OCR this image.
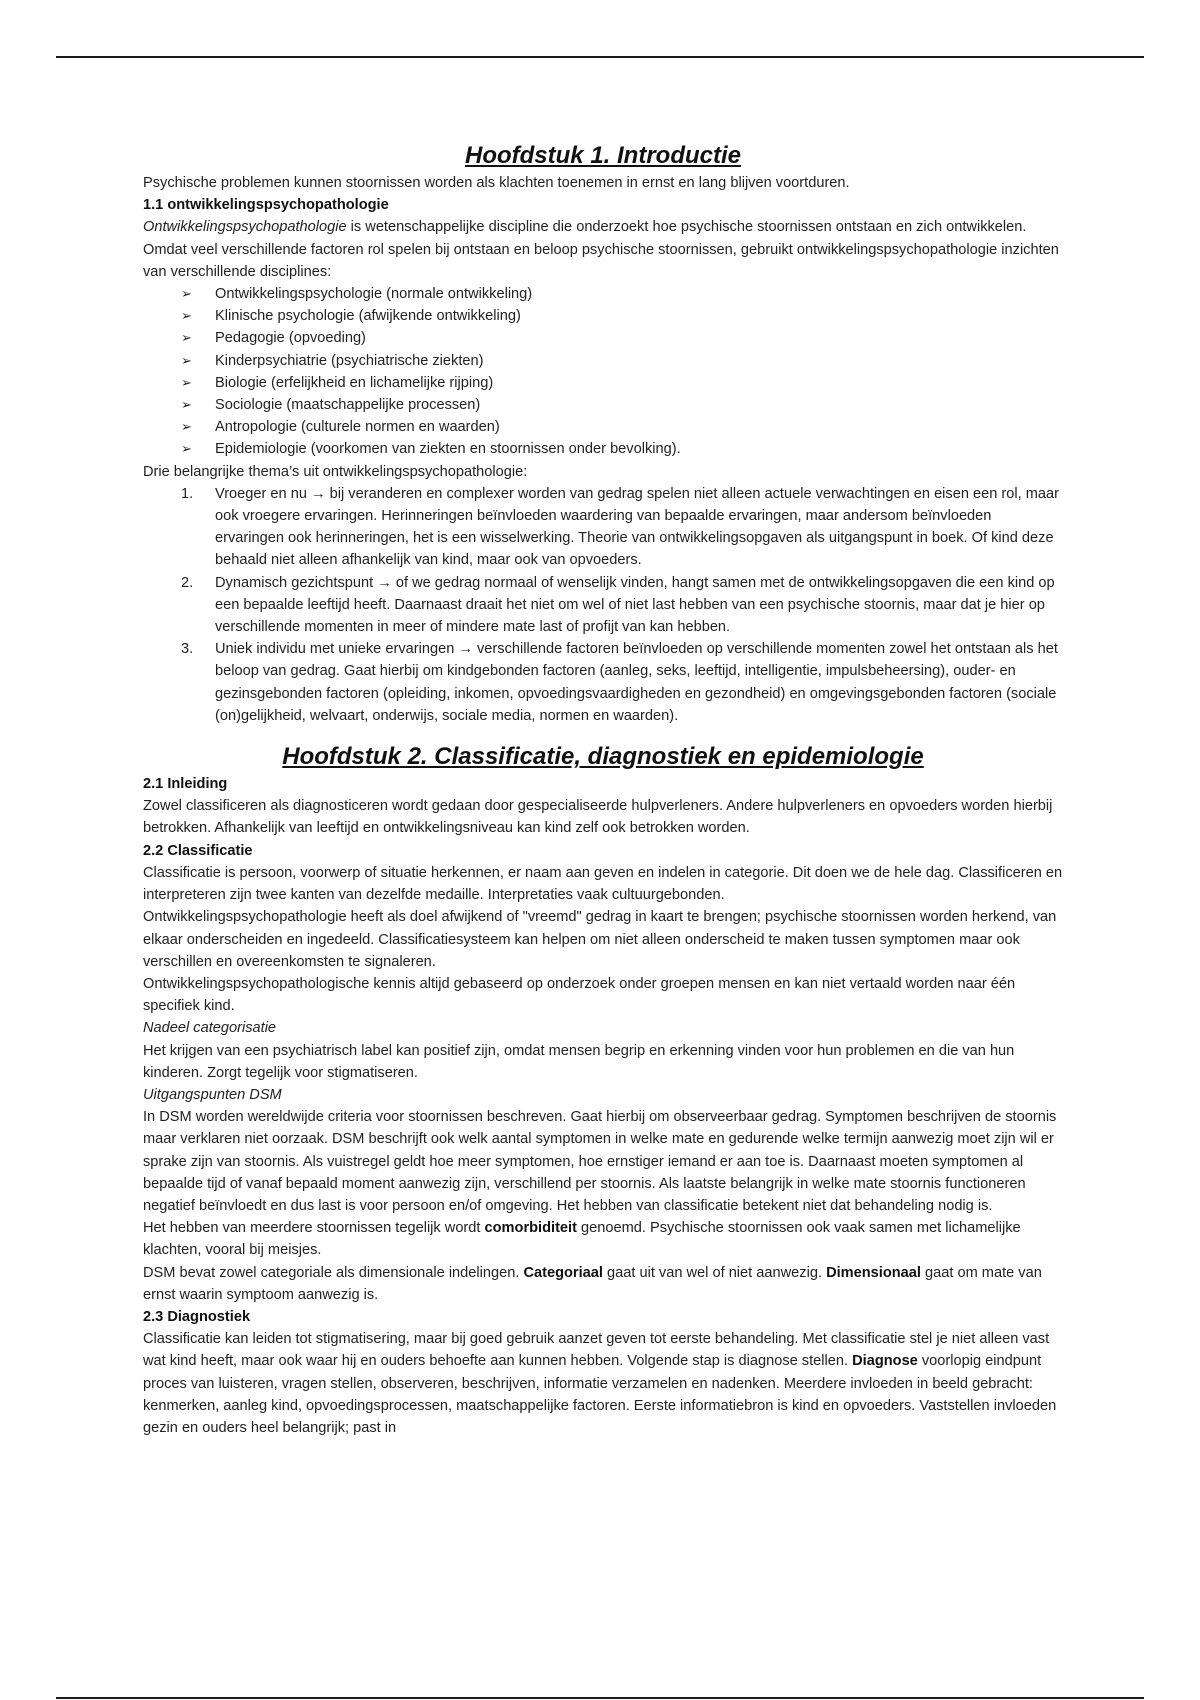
Hoofdstuk 1. Introductie

Psychische problemen kunnen stoornissen worden als klachten toenemen in ernst en lang blijven voortduren.

1.1 ontwikkelingspsychopathologie

Ontwikkelingspsychopathologie is wetenschappelijke discipline die onderzoekt hoe psychische stoornissen ontstaan en zich ontwikkelen. Omdat veel verschillende factoren rol spelen bij ontstaan en beloop psychische stoornissen, gebruikt ontwikkelingspsychopathologie inzichten van verschillende disciplines:

➢ Ontwikkelingspsychologie (normale ontwikkeling)
➢ Klinische psychologie (afwijkende ontwikkeling)
➢ Pedagogie (opvoeding)
➢ Kinderpsychiatrie (psychiatrische ziekten)
➢ Biologie (erfelijkheid en lichamelijke rijping)
➢ Sociologie (maatschappelijke processen)
➢ Antropologie (culturele normen en waarden)
➢ Epidemiologie (voorkomen van ziekten en stoornissen onder bevolking).

Drie belangrijke thema’s uit ontwikkelingspsychopathologie:

1. Vroeger en nu → bij veranderen en complexer worden van gedrag spelen niet alleen actuele verwachtingen en eisen een rol, maar ook vroegere ervaringen. Herinneringen beïnvloeden waardering van bepaalde ervaringen, maar andersom beïnvloeden ervaringen ook herinneringen, het is een wisselwerking. Theorie van ontwikkelingsopgaven als uitgangspunt in boek. Of kind deze behaald niet alleen afhankelijk van kind, maar ook van opvoeders.
2. Dynamisch gezichtspunt → of we gedrag normaal of wenselijk vinden, hangt samen met de ontwikkelingsopgaven die een kind op een bepaalde leeftijd heeft. Daarnaast draait het niet om wel of niet last hebben van een psychische stoornis, maar dat je hier op verschillende momenten in meer of mindere mate last of profijt van kan hebben.
3. Uniek individu met unieke ervaringen → verschillende factoren beïnvloeden op verschillende momenten zowel het ontstaan als het beloop van gedrag. Gaat hierbij om kindgebonden factoren (aanleg, seks, leeftijd, intelligentie, impulsbeheersing), ouder- en gezinsgebonden factoren (opleiding, inkomen, opvoedingsvaardigheden en gezondheid) en omgevingsgebonden factoren (sociale (on)gelijkheid, welvaart, onderwijs, sociale media, normen en waarden).
Hoofdstuk 2. Classificatie, diagnostiek en epidemiologie

2.1 Inleiding

Zowel classificeren als diagnosticeren wordt gedaan door gespecialiseerde hulpverleners. Andere hulpverleners en opvoeders worden hierbij betrokken. Afhankelijk van leeftijd en ontwikkelingsniveau kan kind zelf ook betrokken worden.

2.2 Classificatie

Classificatie is persoon, voorwerp of situatie herkennen, er naam aan geven en indelen in categorie. Dit doen we de hele dag. Classificeren en interpreteren zijn twee kanten van dezelfde medaille. Interpretaties vaak cultuurgebonden.

Ontwikkelingspsychopathologie heeft als doel afwijkend of "vreemd" gedrag in kaart te brengen; psychische stoornissen worden herkend, van elkaar onderscheiden en ingedeeld. Classificatiesysteem kan helpen om niet alleen onderscheid te maken tussen symptomen maar ook verschillen en overeenkomsten te signaleren.

Ontwikkelingspsychopathologische kennis altijd gebaseerd op onderzoek onder groepen mensen en kan niet vertaald worden naar één specifiek kind.

Nadeel categorisatie

Het krijgen van een psychiatrisch label kan positief zijn, omdat mensen begrip en erkenning vinden voor hun problemen en die van hun kinderen. Zorgt tegelijk voor stigmatiseren.

Uitgangspunten DSM

In DSM worden wereldwijde criteria voor stoornissen beschreven. Gaat hierbij om observeerbaar gedrag. Symptomen beschrijven de stoornis maar verklaren niet oorzaak. DSM beschrijft ook welk aantal symptomen in welke mate en gedurende welke termijn aanwezig moet zijn wil er sprake zijn van stoornis. Als vuistregel geldt hoe meer symptomen, hoe ernstiger iemand er aan toe is. Daarnaast moeten symptomen al bepaalde tijd of vanaf bepaald moment aanwezig zijn, verschillend per stoornis. Als laatste belangrijk in welke mate stoornis functioneren negatief beïnvloedt en dus last is voor persoon en/of omgeving. Het hebben van classificatie betekent niet dat behandeling nodig is.

Het hebben van meerdere stoornissen tegelijk wordt comorbiditeit genoemd. Psychische stoornissen ook vaak samen met lichamelijke klachten, vooral bij meisjes.

DSM bevat zowel categoriale als dimensionale indelingen. Categoriaal gaat uit van wel of niet aanwezig. Dimensionaal gaat om mate van ernst waarin symptoom aanwezig is.

2.3 Diagnostiek

Classificatie kan leiden tot stigmatisering, maar bij goed gebruik aanzet geven tot eerste behandeling. Met classificatie stel je niet alleen vast wat kind heeft, maar ook waar hij en ouders behoefte aan kunnen hebben. Volgende stap is diagnose stellen. Diagnose voorlopig eindpunt proces van luisteren, vragen stellen, observeren, beschrijven, informatie verzamelen en nadenken. Meerdere invloeden in beeld gebracht: kenmerken, aanleg kind, opvoedingsprocessen, maatschappelijke factoren. Eerste informatiebron is kind en opvoeders. Vaststellen invloeden gezin en ouders heel belangrijk; past in
